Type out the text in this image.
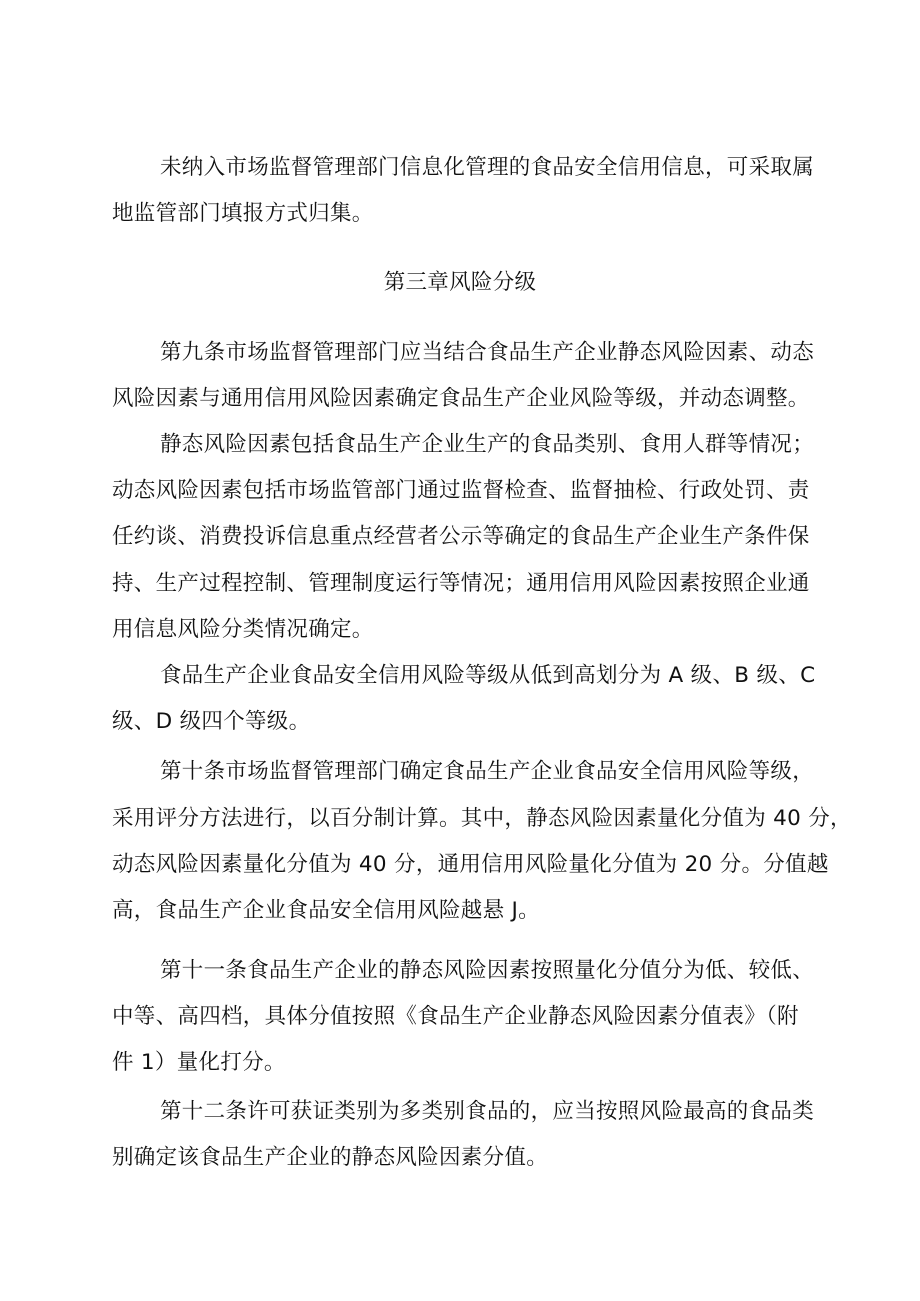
未纳入市场监督管理部门信息化管理的食品安全信用信息，可采取属
地监管部门填报方式归集。
第三章风险分级
第九条市场监督管理部门应当结合食品生产企业静态风险因素、动态
风险因素与通用信用风险因素确定食品生产企业风险等级，并动态调整。
静态风险因素包括食品生产企业生产的食品类别、食用人群等情况；
动态风险因素包括市场监管部门通过监督检查、监督抽检、行政处罚、责
任约谈、消费投诉信息重点经营者公示等确定的食品生产企业生产条件保
持、生产过程控制、管理制度运行等情况；通用信用风险因素按照企业通
用信息风险分类情况确定。
食品生产企业食品安全信用风险等级从低到高划分为 A 级、B 级、C
级、D 级四个等级。
第十条市场监督管理部门确定食品生产企业食品安全信用风险等级，
采用评分方法进行，以百分制计算。其中，静态风险因素量化分值为 40 分，
动态风险因素量化分值为 40 分，通用信用风险量化分值为 20 分。分值越
高，食品生产企业食品安全信用风险越悬 J。
第十一条食品生产企业的静态风险因素按照量化分值分为低、较低、
中等、高四档，具体分值按照《食品生产企业静态风险因素分值表》（附
件 1）量化打分。
第十二条许可获证类别为多类别食品的，应当按照风险最高的食品类
别确定该食品生产企业的静态风险因素分值。
